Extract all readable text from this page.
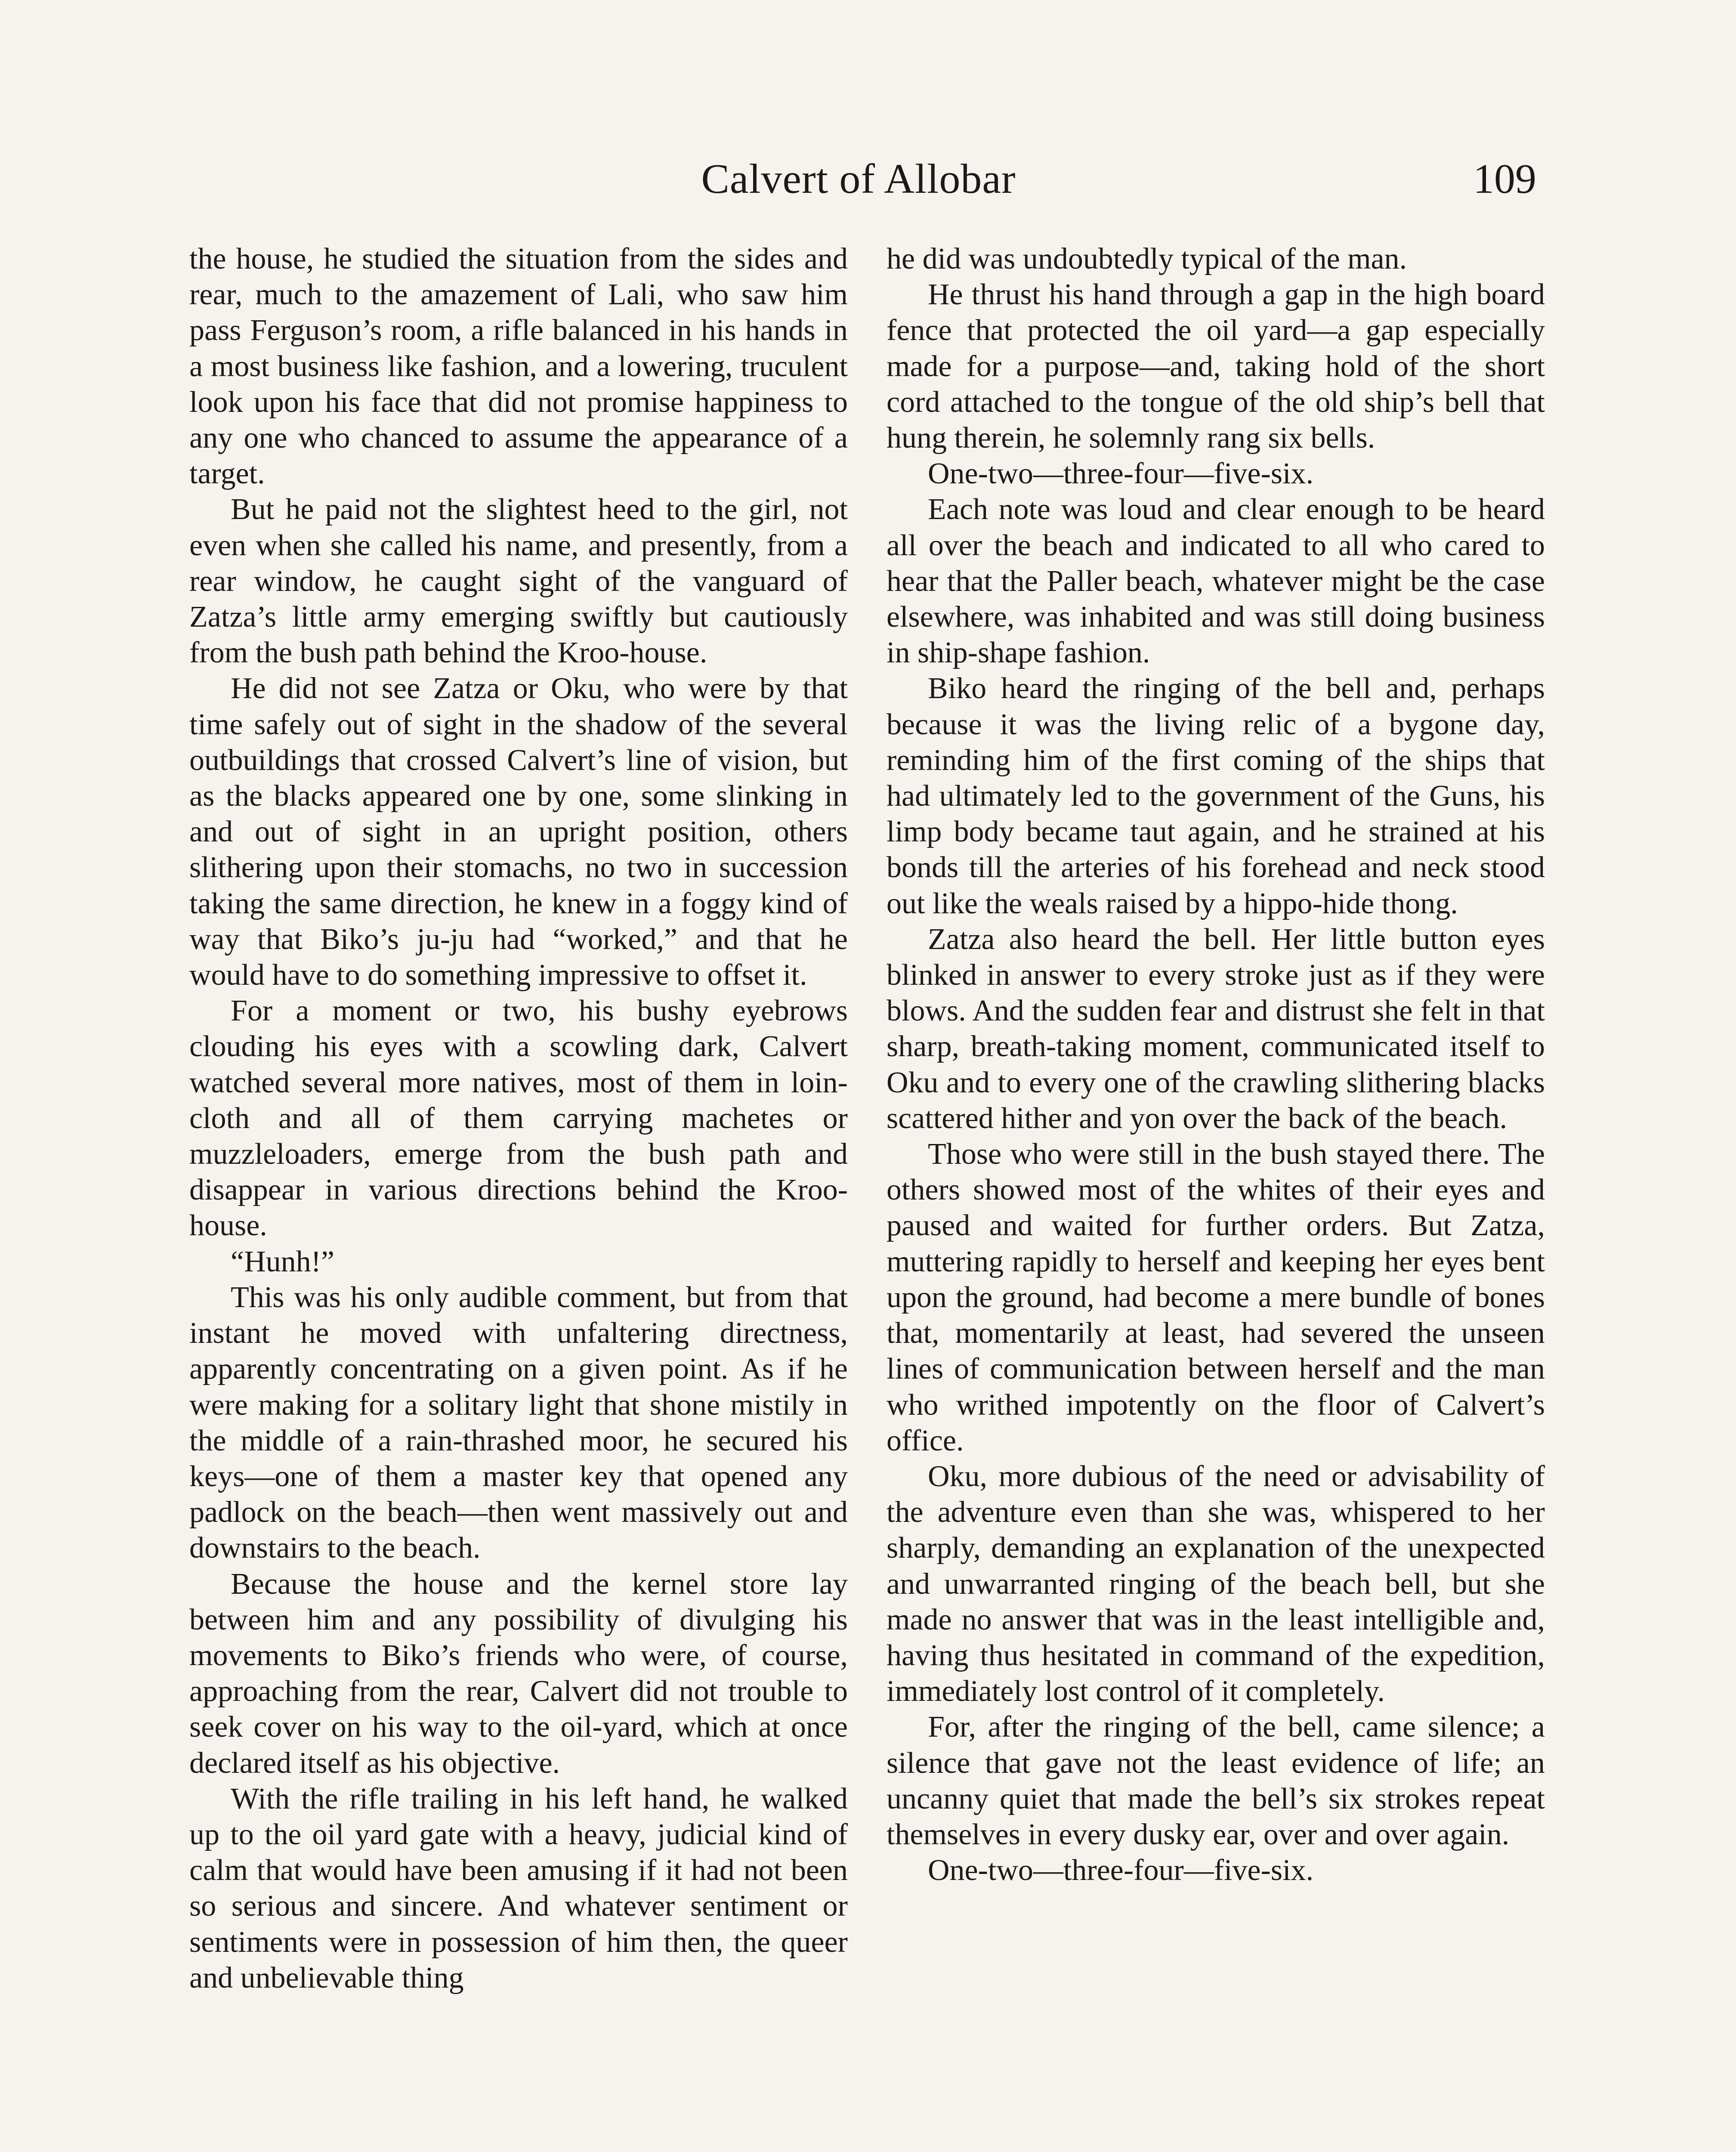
Calvert of Allobar	109

the house, he studied the situation from the sides and rear, much to the amazement of Lali, who saw him pass Ferguson’s room, a rifle balanced in his hands in a most business like fashion, and a lowering, truculent look upon his face that did not promise happiness to any one who chanced to assume the appearance of a target.

But he paid not the slightest heed to the girl, not even when she called his name, and presently, from a rear window, he caught sight of the vanguard of Zatza’s little army emerging swiftly but cautiously from the bush path behind the Kroo-house.

He did not see Zatza or Oku, who were by that time safely out of sight in the shadow of the several outbuildings that crossed Calvert’s line of vision, but as the blacks appeared one by one, some slinking in and out of sight in an upright position, others slithering upon their stomachs, no two in succession taking the same direction, he knew in a foggy kind of way that Biko’s ju-ju had “worked,” and that he would have to do something impressive to offset it.

For a moment or two, his bushy eyebrows clouding his eyes with a scowling dark, Calvert watched several more natives, most of them in loin-cloth and all of them carrying machetes or muzzleloaders, emerge from the bush path and disappear in various directions behind the Kroo-house.

“Hunh!”

This was his only audible comment, but from that instant he moved with unfaltering directness, apparently concentrating on a given point. As if he were making for a solitary light that shone mistily in the middle of a rain-thrashed moor, he secured his keys—one of them a master key that opened any padlock on the beach—then went massively out and downstairs to the beach.

Because the house and the kernel store lay between him and any possibility of divulging his movements to Biko’s friends who were, of course, approaching from the rear, Calvert did not trouble to seek cover on his way to the oil-yard, which at once declared itself as his objective.

With the rifle trailing in his left hand, he walked up to the oil yard gate with a heavy, judicial kind of calm that would have been amusing if it had not been so serious and sincere. And whatever sentiment or sentiments were in possession of him then, the queer and unbelievable thing

he did was undoubtedly typical of the man.

He thrust his hand through a gap in the high board fence that protected the oil yard—a gap especially made for a purpose—and, taking hold of the short cord attached to the tongue of the old ship’s bell that hung therein, he solemnly rang six bells.

One-two—three-four—five-six.

Each note was loud and clear enough to be heard all over the beach and indicated to all who cared to hear that the Paller beach, whatever might be the case elsewhere, was inhabited and was still doing business in ship-shape fashion.

Biko heard the ringing of the bell and, perhaps because it was the living relic of a bygone day, reminding him of the first coming of the ships that had ultimately led to the government of the Guns, his limp body became taut again, and he strained at his bonds till the arteries of his forehead and neck stood out like the weals raised by a hippo-hide thong.

Zatza also heard the bell. Her little button eyes blinked in answer to every stroke just as if they were blows. And the sudden fear and distrust she felt in that sharp, breath-taking moment, communicated itself to Oku and to every one of the crawling slithering blacks scattered hither and yon over the back of the beach.

Those who were still in the bush stayed there. The others showed most of the whites of their eyes and paused and waited for further orders. But Zatza, muttering rapidly to herself and keeping her eyes bent upon the ground, had become a mere bundle of bones that, momentarily at least, had severed the unseen lines of communication between herself and the man who writhed impotently on the floor of Calvert’s office.

Oku, more dubious of the need or advisability of the adventure even than she was, whispered to her sharply, demanding an explanation of the unexpected and unwarranted ringing of the beach bell, but she made no answer that was in the least intelligible and, having thus hesitated in command of the expedition, immediately lost control of it completely.

For, after the ringing of the bell, came silence; a silence that gave not the least evidence of life; an uncanny quiet that made the bell’s six strokes repeat themselves in every dusky ear, over and over again.

One-two—three-four—five-six.
